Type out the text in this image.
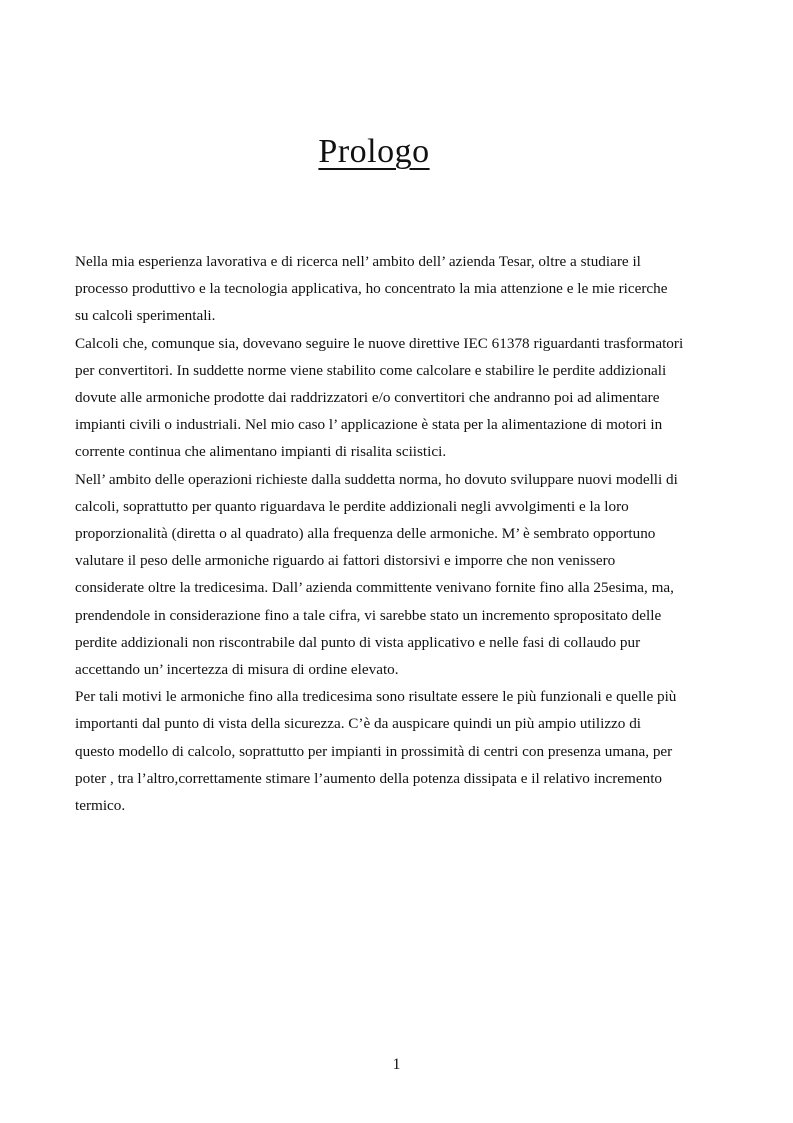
Prologo
Nella mia esperienza lavorativa e di ricerca nell’ ambito dell’ azienda Tesar, oltre a studiare il
processo produttivo e la tecnologia applicativa, ho concentrato la mia attenzione e le mie ricerche
su calcoli sperimentali.
Calcoli che, comunque sia, dovevano seguire le nuove direttive IEC 61378 riguardanti trasformatori
per convertitori. In suddette norme viene stabilito come calcolare e stabilire le perdite addizionali
dovute alle armoniche prodotte dai raddrizzatori e/o convertitori che andranno poi ad alimentare
impianti civili o industriali. Nel mio caso l’ applicazione è stata per la alimentazione di motori in
corrente continua che alimentano impianti di risalita sciistici.
Nell’ ambito delle operazioni richieste dalla suddetta norma, ho dovuto sviluppare nuovi modelli di
calcoli, soprattutto per quanto riguardava le perdite addizionali negli avvolgimenti e la loro
proporzionalità (diretta o al quadrato) alla frequenza delle armoniche. M’ è sembrato opportuno
valutare il peso delle armoniche riguardo ai fattori distorsivi e imporre che non venissero
considerate oltre la tredicesima. Dall’ azienda committente venivano fornite fino alla 25esima, ma,
prendendole in considerazione fino a tale cifra, vi sarebbe stato un incremento spropositato delle
perdite addizionali non riscontrabile dal punto di vista applicativo e nelle fasi di collaudo pur
accettando un’ incertezza di misura di ordine elevato.
Per tali motivi le armoniche fino alla tredicesima sono risultate essere le più funzionali e quelle più
importanti dal punto di vista della sicurezza. C’è da auspicare quindi un più ampio utilizzo di
questo modello di calcolo, soprattutto per impianti in prossimità di centri con presenza umana, per
poter , tra l’altro,correttamente stimare l’aumento della potenza dissipata e il relativo incremento
termico.
1
